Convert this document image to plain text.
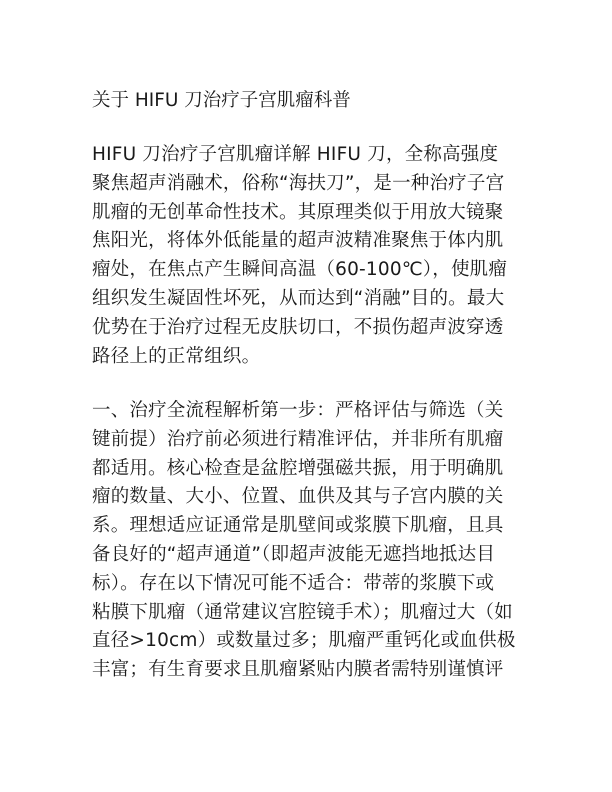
关于 HIFU 刀治疗子宫肌瘤科普

HIFU 刀治疗子宫肌瘤详解 HIFU 刀，全称高强度
聚焦超声消融术，俗称“海扶刀”，是一种治疗子宫
肌瘤的无创革命性技术。其原理类似于用放大镜聚
焦阳光，将体外低能量的超声波精准聚焦于体内肌
瘤处，在焦点产生瞬间高温（60-100℃），使肌瘤
组织发生凝固性坏死，从而达到“消融”目的。最大
优势在于治疗过程无皮肤切口，不损伤超声波穿透
路径上的正常组织。

一、治疗全流程解析第一步：严格评估与筛选（关
键前提）治疗前必须进行精准评估，并非所有肌瘤
都适用。核心检查是盆腔增强磁共振，用于明确肌
瘤的数量、大小、位置、血供及其与子宫内膜的关
系。理想适应证通常是肌壁间或浆膜下肌瘤，且具
备良好的“超声通道”（即超声波能无遮挡地抵达目
标）。存在以下情况可能不适合：带蒂的浆膜下或
粘膜下肌瘤（通常建议宫腔镜手术）；肌瘤过大（如
直径>10cm）或数量过多；肌瘤严重钙化或血供极
丰富；有生育要求且肌瘤紧贴内膜者需特别谨慎评
